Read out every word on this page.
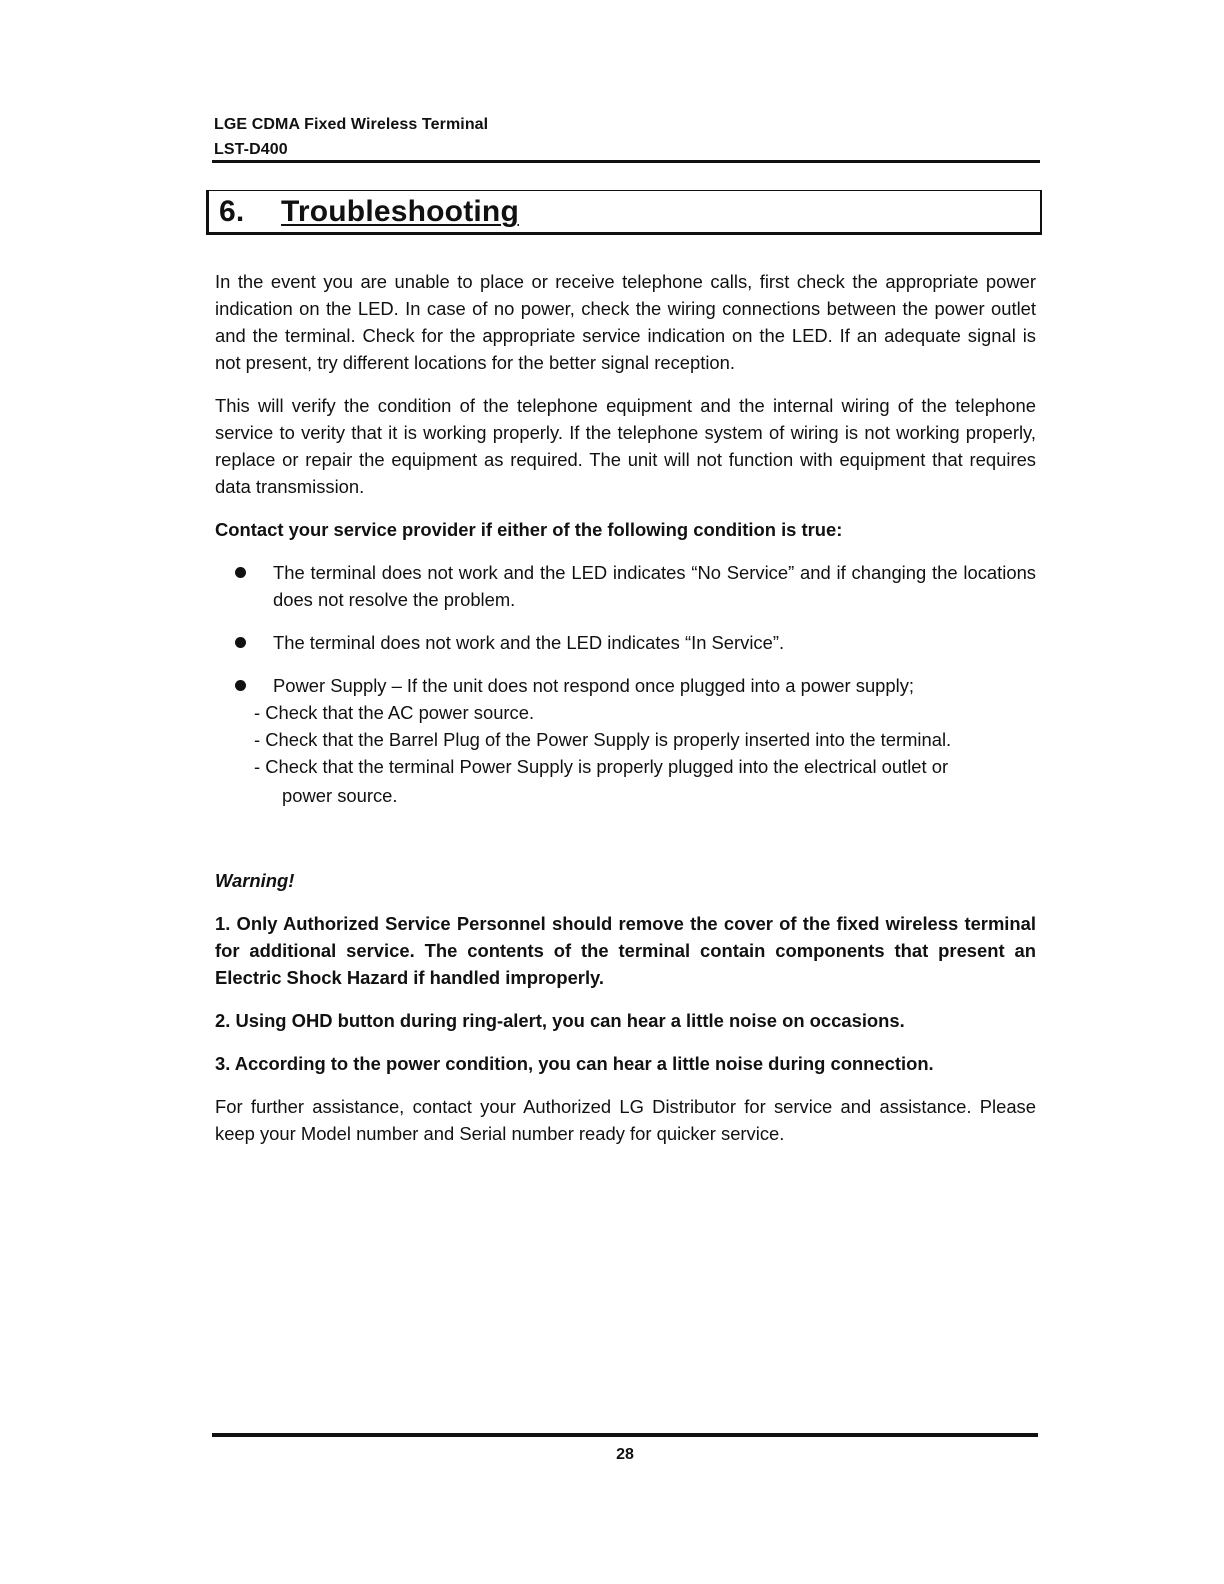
LGE CDMA Fixed Wireless Terminal
LST-D400
6. Troubleshooting

In the event you are unable to place or receive telephone calls, first check the appropriate power indication on the LED. In case of no power, check the wiring connections between the power outlet and the terminal. Check for the appropriate service indication on the LED. If an adequate signal is not present, try different locations for the better signal reception.

This will verify the condition of the telephone equipment and the internal wiring of the telephone service to verity that it is working properly. If the telephone system of wiring is not working properly, replace or repair the equipment as required. The unit will not function with equipment that requires data transmission.

Contact your service provider if either of the following condition is true:

The terminal does not work and the LED indicates “No Service” and if changing the locations does not resolve the problem.
The terminal does not work and the LED indicates “In Service”.
Power Supply – If the unit does not respond once plugged into a power supply;
- Check that the AC power source.
- Check that the Barrel Plug of the Power Supply is properly inserted into the terminal.
- Check that the terminal Power Supply is properly plugged into the electrical outlet or
power source.

Warning!

1. Only Authorized Service Personnel should remove the cover of the fixed wireless terminal for additional service. The contents of the terminal contain components that present an Electric Shock Hazard if handled improperly.

2. Using OHD button during ring-alert, you can hear a little noise on occasions.

3. According to the power condition, you can hear a little noise during connection.

For further assistance, contact your Authorized LG Distributor for service and assistance. Please keep your Model number and Serial number ready for quicker service.

28
